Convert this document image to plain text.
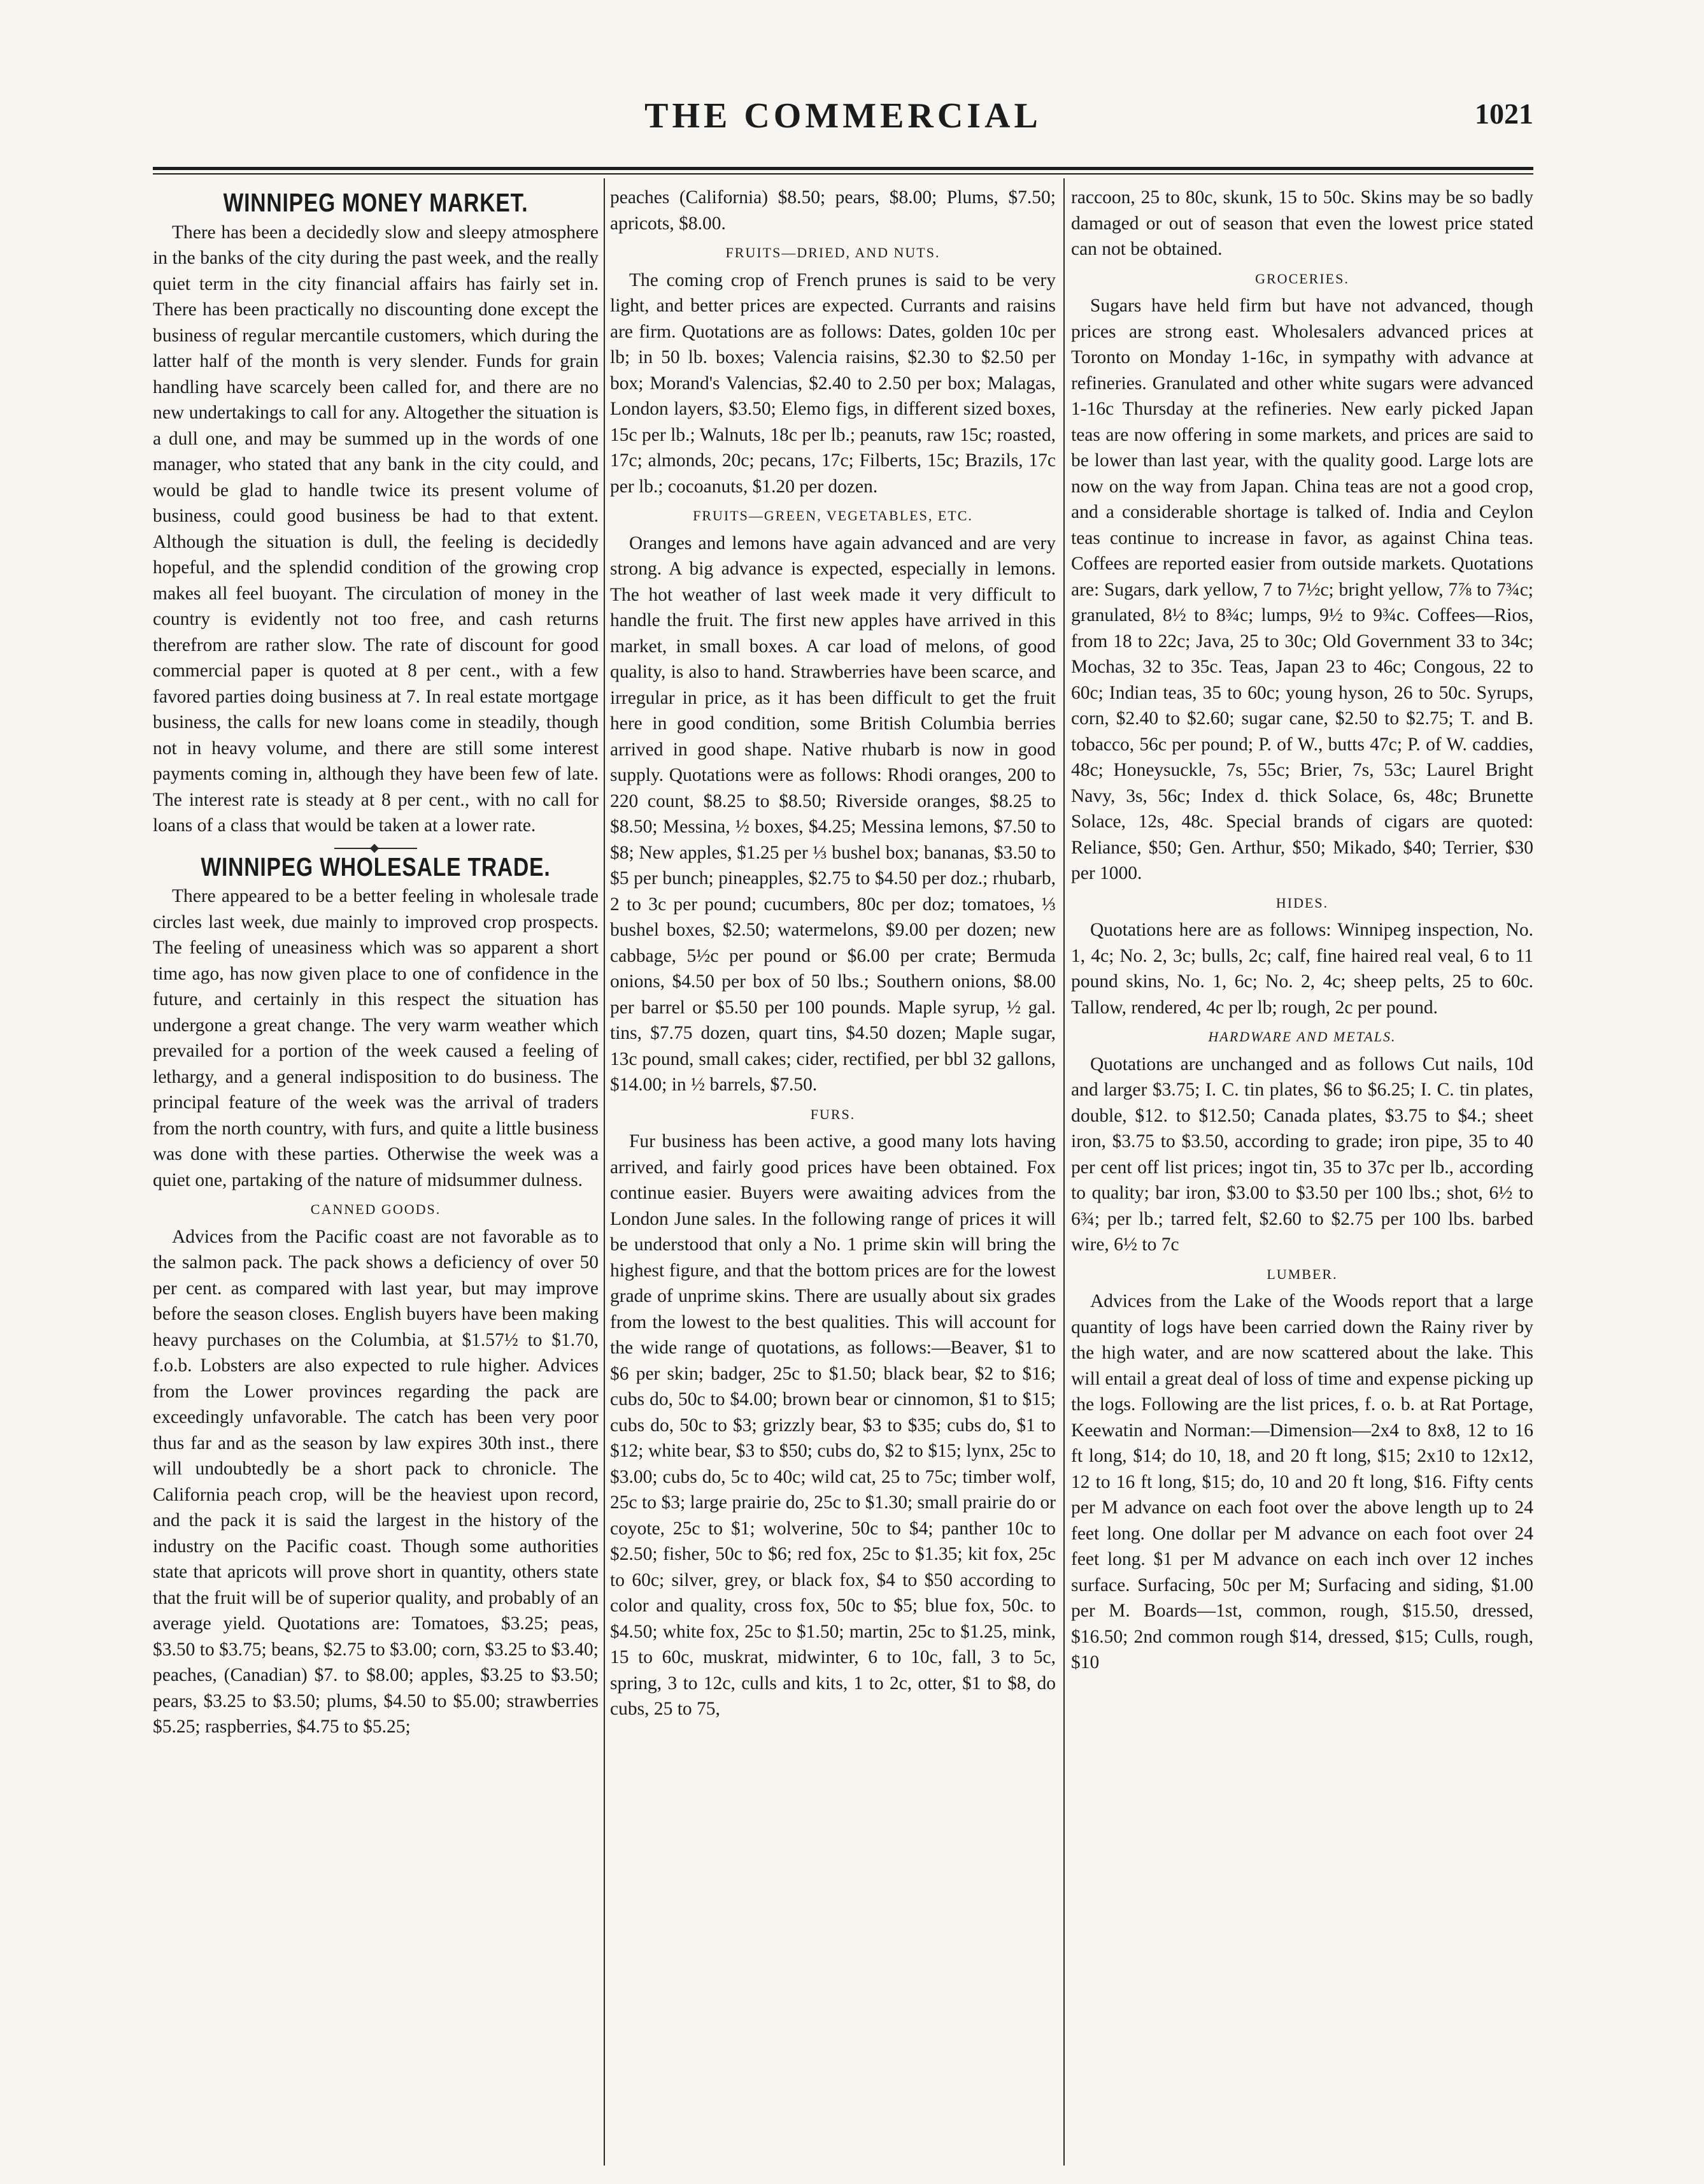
THE COMMERCIAL	1021
WINNIPEG MONEY MARKET.

There has been a decidedly slow and sleepy atmosphere in the banks of the city during the past week, and the really quiet term in the city financial affairs has fairly set in. There has been practically no discounting done except the business of regular mercantile customers, which during the latter half of the month is very slender. Funds for grain handling have scarcely been called for, and there are no new undertakings to call for any. Altogether the situation is a dull one, and may be summed up in the words of one manager, who stated that any bank in the city could, and would be glad to handle twice its present volume of business, could good business be had to that extent. Although the situation is dull, the feeling is decidedly hopeful, and the splendid condition of the growing crop makes all feel buoyant. The circulation of money in the country is evidently not too free, and cash returns therefrom are rather slow. The rate of discount for good commercial paper is quoted at 8 per cent., with a few favored parties doing business at 7. In real estate mortgage business, the calls for new loans come in steadily, though not in heavy volume, and there are still some interest payments coming in, although they have been few of late. The interest rate is steady at 8 per cent., with no call for loans of a class that would be taken at a lower rate.

WINNIPEG WHOLESALE TRADE.

There appeared to be a better feeling in wholesale trade circles last week, due mainly to improved crop prospects. The feeling of uneasiness which was so apparent a short time ago, has now given place to one of confidence in the future, and certainly in this respect the situation has undergone a great change. The very warm weather which prevailed for a portion of the week caused a feeling of lethargy, and a general indisposition to do business. The principal feature of the week was the arrival of traders from the north country, with furs, and quite a little business was done with these parties. Otherwise the week was a quiet one, partaking of the nature of midsummer dulness.

CANNED GOODS.

Advices from the Pacific coast are not favorable as to the salmon pack. The pack shows a deficiency of over 50 per cent. as compared with last year, but may improve before the season closes. English buyers have been making heavy purchases on the Columbia, at $1.57½ to $1.70, f.o.b. Lobsters are also expected to rule higher. Advices from the Lower provinces regarding the pack are exceedingly unfavorable. The catch has been very poor thus far and as the season by law expires 30th inst., there will undoubtedly be a short pack to chronicle. The California peach crop, will be the heaviest upon record, and the pack it is said the largest in the history of the industry on the Pacific coast. Though some authorities state that apricots will prove short in quantity, others state that the fruit will be of superior quality, and probably of an average yield. Quotations are: Tomatoes, $3.25; peas, $3.50 to $3.75; beans, $2.75 to $3.00; corn, $3.25 to $3.40; peaches, (Canadian) $7. to $8.00; apples, $3.25 to $3.50; pears, $3.25 to $3.50; plums, $4.50 to $5.00; strawberries $5.25; raspberries, $4.75 to $5.25;

peaches (California) $8.50; pears, $8.00; Plums, $7.50; apricots, $8.00.

FRUITS—DRIED, AND NUTS.

The coming crop of French prunes is said to be very light, and better prices are expected. Currants and raisins are firm. Quotations are as follows: Dates, golden 10c per lb; in 50 lb. boxes; Valencia raisins, $2.30 to $2.50 per box; Morand's Valencias, $2.40 to 2.50 per box; Malagas, London layers, $3.50; Elemo figs, in different sized boxes, 15c per lb.; Walnuts, 18c per lb.; peanuts, raw 15c; roasted, 17c; almonds, 20c; pecans, 17c; Filberts, 15c; Brazils, 17c per lb.; cocoanuts, $1.20 per dozen.

FRUITS—GREEN, VEGETABLES, ETC.

Oranges and lemons have again advanced and are very strong. A big advance is expected, especially in lemons. The hot weather of last week made it very difficult to handle the fruit. The first new apples have arrived in this market, in small boxes. A car load of melons, of good quality, is also to hand. Strawberries have been scarce, and irregular in price, as it has been difficult to get the fruit here in good condition, some British Columbia berries arrived in good shape. Native rhubarb is now in good supply. Quotations were as follows: Rhodi oranges, 200 to 220 count, $8.25 to $8.50; Riverside oranges, $8.25 to $8.50; Messina, ½ boxes, $4.25; Messina lemons, $7.50 to $8; New apples, $1.25 per ⅓ bushel box; bananas, $3.50 to $5 per bunch; pineapples, $2.75 to $4.50 per doz.; rhubarb, 2 to 3c per pound; cucumbers, 80c per doz; tomatoes, ⅓ bushel boxes, $2.50; watermelons, $9.00 per dozen; new cabbage, 5½c per pound or $6.00 per crate; Bermuda onions, $4.50 per box of 50 lbs.; Southern onions, $8.00 per barrel or $5.50 per 100 pounds. Maple syrup, ½ gal. tins, $7.75 dozen, quart tins, $4.50 dozen; Maple sugar, 13c pound, small cakes; cider, rectified, per bbl 32 gallons, $14.00; in ½ barrels, $7.50.

FURS.

Fur business has been active, a good many lots having arrived, and fairly good prices have been obtained. Fox continue easier. Buyers were awaiting advices from the London June sales. In the following range of prices it will be understood that only a No. 1 prime skin will bring the highest figure, and that the bottom prices are for the lowest grade of unprime skins. There are usually about six grades from the lowest to the best qualities. This will account for the wide range of quotations, as follows:—Beaver, $1 to $6 per skin; badger, 25c to $1.50; black bear, $2 to $16; cubs do, 50c to $4.00; brown bear or cinnomon, $1 to $15; cubs do, 50c to $3; grizzly bear, $3 to $35; cubs do, $1 to $12; white bear, $3 to $50; cubs do, $2 to $15; lynx, 25c to $3.00; cubs do, 5c to 40c; wild cat, 25 to 75c; timber wolf, 25c to $3; large prairie do, 25c to $1.30; small prairie do or coyote, 25c to $1; wolverine, 50c to $4; panther 10c to $2.50; fisher, 50c to $6; red fox, 25c to $1.35; kit fox, 25c to 60c; silver, grey, or black fox, $4 to $50 according to color and quality, cross fox, 50c to $5; blue fox, 50c. to $4.50; white fox, 25c to $1.50; martin, 25c to $1.25, mink, 15 to 60c, muskrat, midwinter, 6 to 10c, fall, 3 to 5c, spring, 3 to 12c, culls and kits, 1 to 2c, otter, $1 to $8, do cubs, 25 to 75,

raccoon, 25 to 80c, skunk, 15 to 50c. Skins may be so badly damaged or out of season that even the lowest price stated can not be obtained.

GROCERIES.

Sugars have held firm but have not advanced, though prices are strong east. Wholesalers advanced prices at Toronto on Monday 1-16c, in sympathy with advance at refineries. Granulated and other white sugars were advanced 1-16c Thursday at the refineries. New early picked Japan teas are now offering in some markets, and prices are said to be lower than last year, with the quality good. Large lots are now on the way from Japan. China teas are not a good crop, and a considerable shortage is talked of. India and Ceylon teas continue to increase in favor, as against China teas. Coffees are reported easier from outside markets. Quotations are: Sugars, dark yellow, 7 to 7½c; bright yellow, 7⅞ to 7¾c; granulated, 8½ to 8¾c; lumps, 9½ to 9¾c. Coffees—Rios, from 18 to 22c; Java, 25 to 30c; Old Government 33 to 34c; Mochas, 32 to 35c. Teas, Japan 23 to 46c; Congous, 22 to 60c; Indian teas, 35 to 60c; young hyson, 26 to 50c. Syrups, corn, $2.40 to $2.60; sugar cane, $2.50 to $2.75; T. and B. tobacco, 56c per pound; P. of W., butts 47c; P. of W. caddies, 48c; Honeysuckle, 7s, 55c; Brier, 7s, 53c; Laurel Bright Navy, 3s, 56c; Index d. thick Solace, 6s, 48c; Brunette Solace, 12s, 48c. Special brands of cigars are quoted: Reliance, $50; Gen. Arthur, $50; Mikado, $40; Terrier, $30 per 1000.

HIDES.

Quotations here are as follows: Winnipeg inspection, No. 1, 4c; No. 2, 3c; bulls, 2c; calf, fine haired real veal, 6 to 11 pound skins, No. 1, 6c; No. 2, 4c; sheep pelts, 25 to 60c. Tallow, rendered, 4c per lb; rough, 2c per pound.

HARDWARE AND METALS.

Quotations are unchanged and as follows Cut nails, 10d and larger $3.75; I. C. tin plates, $6 to $6.25; I. C. tin plates, double, $12. to $12.50; Canada plates, $3.75 to $4.; sheet iron, $3.75 to $3.50, according to grade; iron pipe, 35 to 40 per cent off list prices; ingot tin, 35 to 37c per lb., according to quality; bar iron, $3.00 to $3.50 per 100 lbs.; shot, 6½ to 6¾; per lb.; tarred felt, $2.60 to $2.75 per 100 lbs. barbed wire, 6½ to 7c

LUMBER.

Advices from the Lake of the Woods report that a large quantity of logs have been carried down the Rainy river by the high water, and are now scattered about the lake. This will entail a great deal of loss of time and expense picking up the logs. Following are the list prices, f. o. b. at Rat Portage, Keewatin and Norman:—Dimension—2x4 to 8x8, 12 to 16 ft long, $14; do 10, 18, and 20 ft long, $15; 2x10 to 12x12, 12 to 16 ft long, $15; do, 10 and 20 ft long, $16. Fifty cents per M advance on each foot over the above length up to 24 feet long. One dollar per M advance on each foot over 24 feet long. $1 per M advance on each inch over 12 inches surface. Surfacing, 50c per M; Surfacing and siding, $1.00 per M. Boards—1st, common, rough, $15.50, dressed, $16.50; 2nd common rough $14, dressed, $15; Culls, rough, $10
